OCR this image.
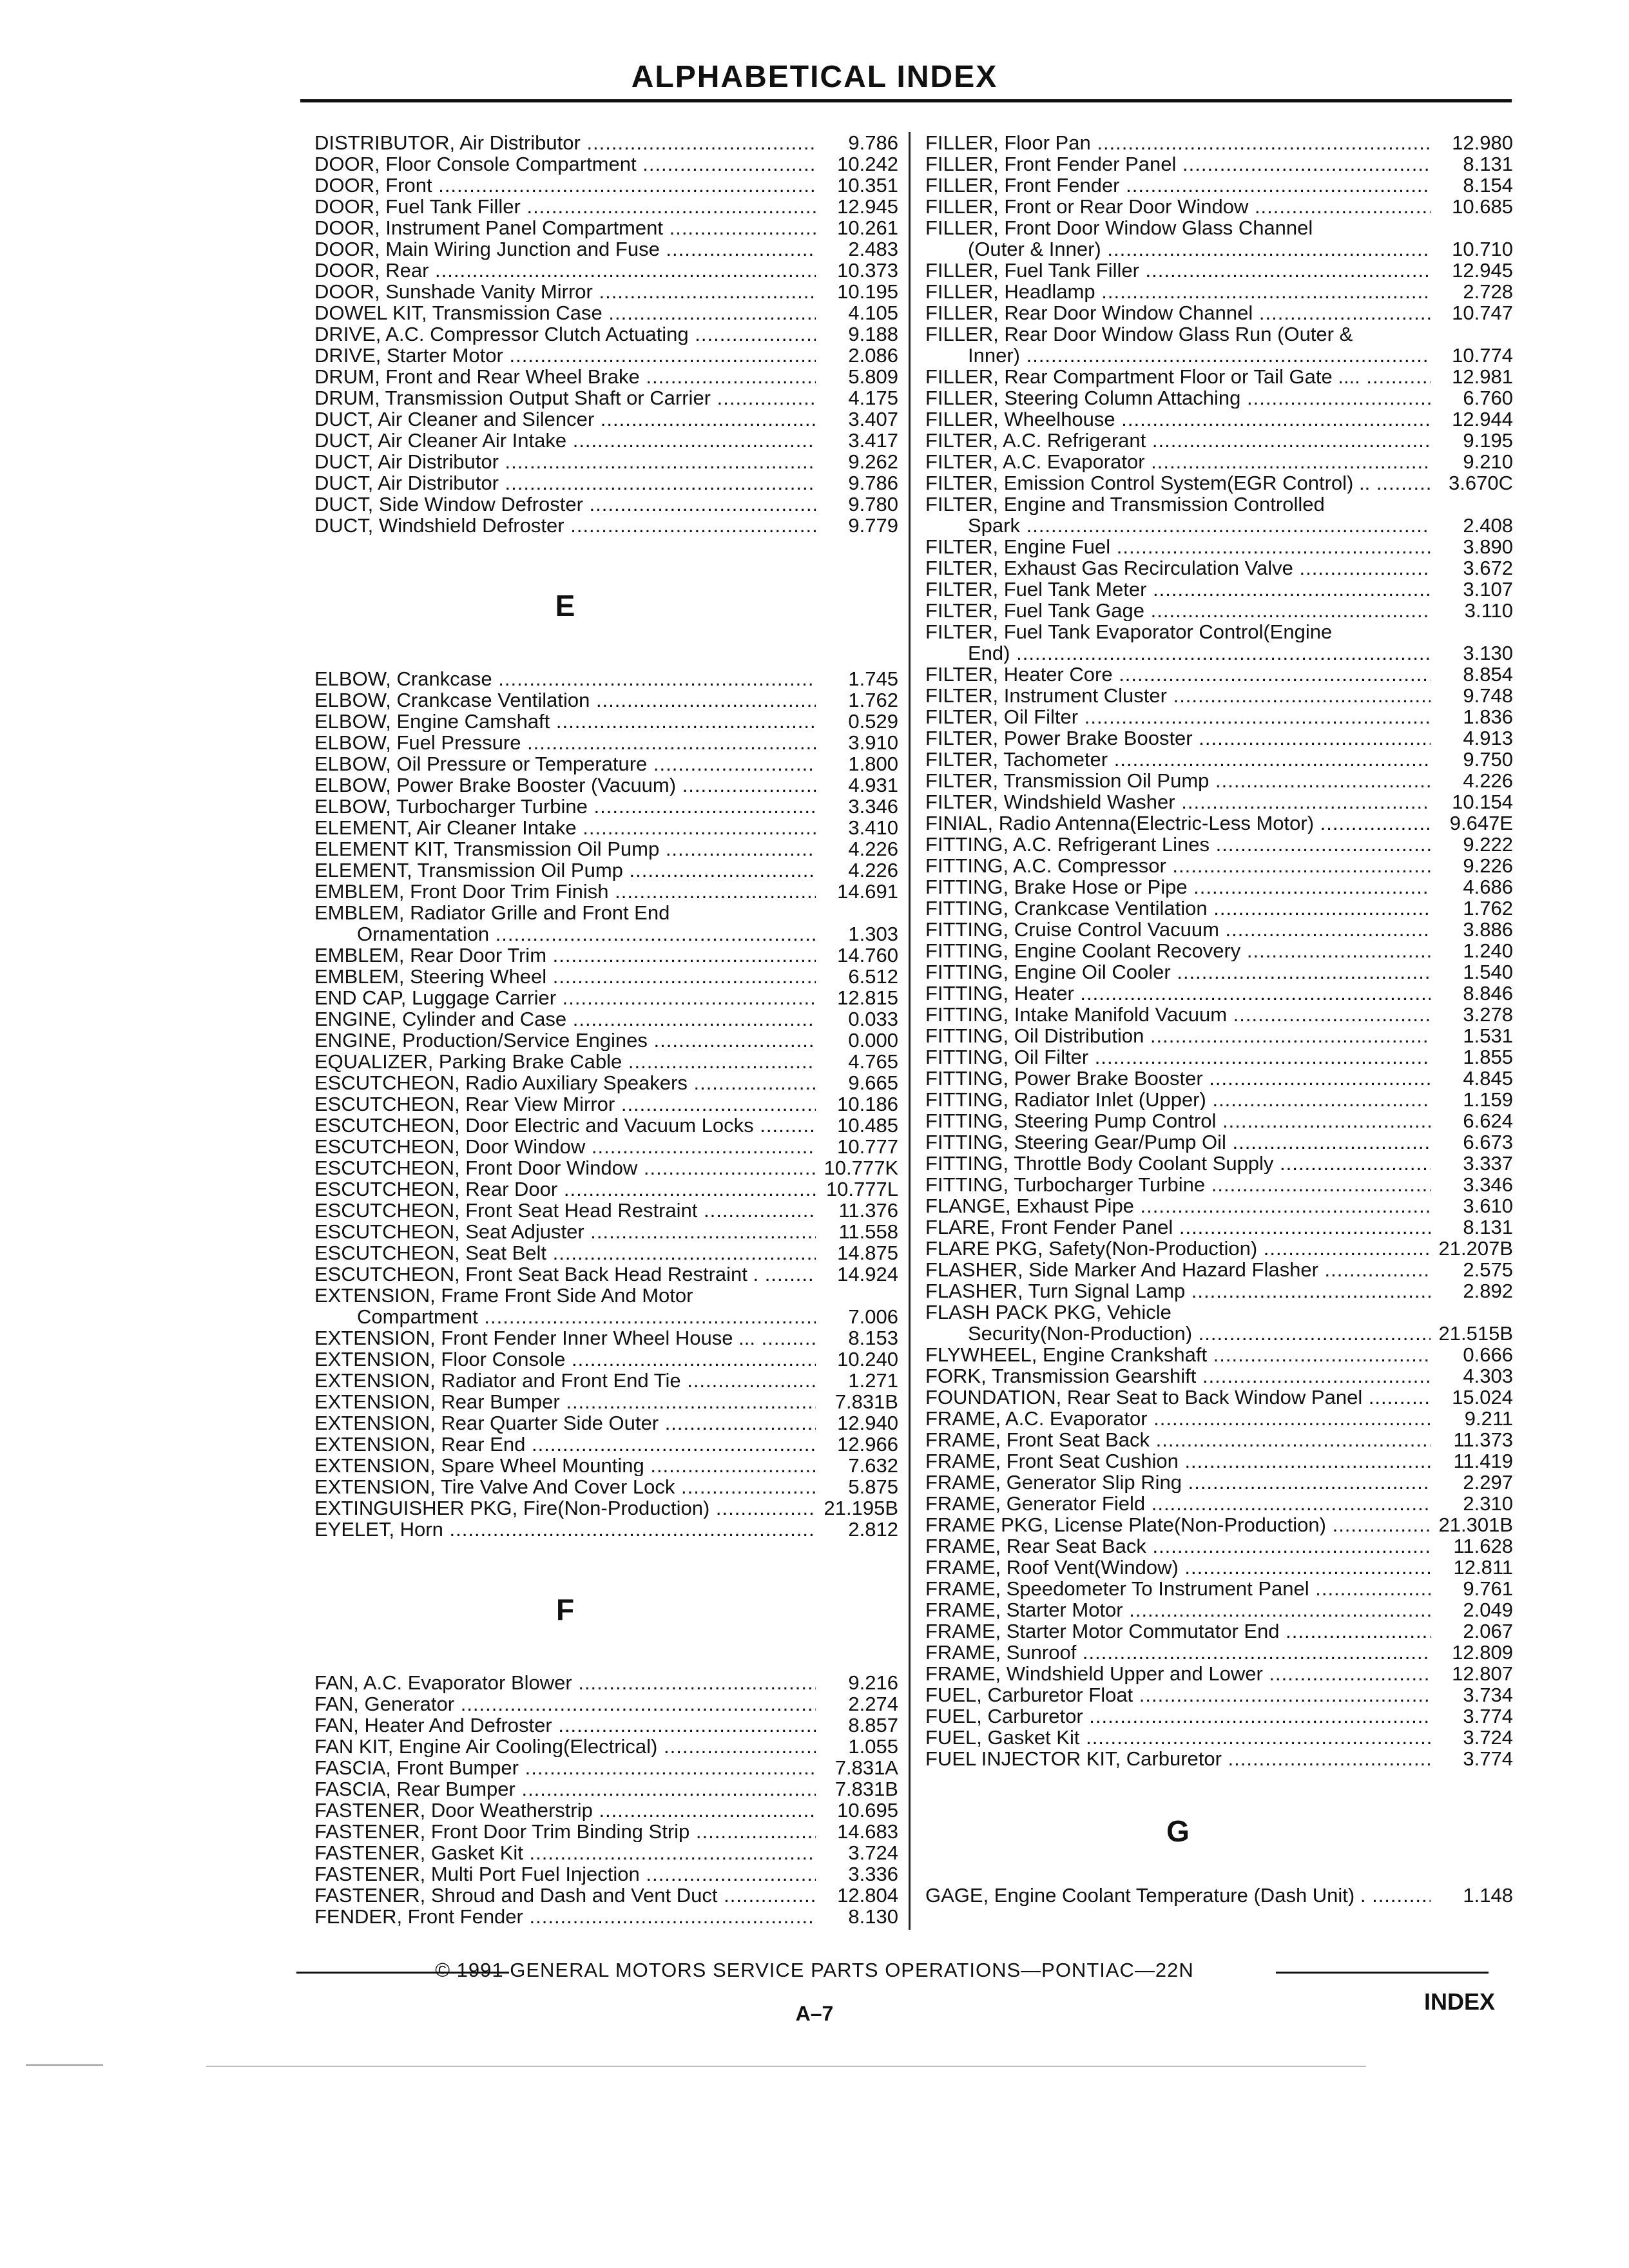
ALPHABETICAL INDEX
DISTRIBUTOR, Air Distributor .....	9.786
DOOR, Floor Console Compartment .....	10.242
DOOR, Front .....	10.351
DOOR, Fuel Tank Filler .....	12.945
DOOR, Instrument Panel Compartment .....	10.261
DOOR, Main Wiring Junction and Fuse .....	2.483
DOOR, Rear .....	10.373
DOOR, Sunshade Vanity Mirror .....	10.195
DOWEL KIT, Transmission Case .....	4.105
DRIVE, A.C. Compressor Clutch Actuating .....	9.188
DRIVE, Starter Motor .....	2.086
DRUM, Front and Rear Wheel Brake .....	5.809
DRUM, Transmission Output Shaft or Carrier .....	4.175
DUCT, Air Cleaner and Silencer .....	3.407
DUCT, Air Cleaner Air Intake .....	3.417
DUCT, Air Distributor .....	9.262
DUCT, Air Distributor .....	9.786
DUCT, Side Window Defroster .....	9.780
DUCT, Windshield Defroster .....	9.779
E
ELBOW, Crankcase .....	1.745
ELBOW, Crankcase Ventilation .....	1.762
ELBOW, Engine Camshaft .....	0.529
ELBOW, Fuel Pressure .....	3.910
ELBOW, Oil Pressure or Temperature .....	1.800
ELBOW, Power Brake Booster (Vacuum) .....	4.931
ELBOW, Turbocharger Turbine .....	3.346
ELEMENT, Air Cleaner Intake .....	3.410
ELEMENT KIT, Transmission Oil Pump .....	4.226
ELEMENT, Transmission Oil Pump .....	4.226
EMBLEM, Front Door Trim Finish .....	14.691
EMBLEM, Radiator Grille and Front End
Ornamentation .....	1.303
EMBLEM, Rear Door Trim .....	14.760
EMBLEM, Steering Wheel .....	6.512
END CAP, Luggage Carrier .....	12.815
ENGINE, Cylinder and Case .....	0.033
ENGINE, Production/Service Engines .....	0.000
EQUALIZER, Parking Brake Cable .....	4.765
ESCUTCHEON, Radio Auxiliary Speakers .....	9.665
ESCUTCHEON, Rear View Mirror .....	10.186
ESCUTCHEON, Door Electric and Vacuum Locks .....	10.485
ESCUTCHEON, Door Window .....	10.777
ESCUTCHEON, Front Door Window .....	10.777K
ESCUTCHEON, Rear Door .....	10.777L
ESCUTCHEON, Front Seat Head Restraint .....	11.376
ESCUTCHEON, Seat Adjuster .....	11.558
ESCUTCHEON, Seat Belt .....	14.875
ESCUTCHEON, Front Seat Back Head Restraint . .....	14.924
EXTENSION, Frame Front Side And Motor
Compartment .....	7.006
EXTENSION, Front Fender Inner Wheel House ... .....	8.153
EXTENSION, Floor Console .....	10.240
EXTENSION, Radiator and Front End Tie .....	1.271
EXTENSION, Rear Bumper .....	7.831B
EXTENSION, Rear Quarter Side Outer .....	12.940
EXTENSION, Rear End .....	12.966
EXTENSION, Spare Wheel Mounting .....	7.632
EXTENSION, Tire Valve And Cover Lock .....	5.875
EXTINGUISHER PKG, Fire(Non-Production) .....	21.195B
EYELET, Horn .....	2.812
F
FAN, A.C. Evaporator Blower .....	9.216
FAN, Generator .....	2.274
FAN, Heater And Defroster .....	8.857
FAN KIT, Engine Air Cooling(Electrical) .....	1.055
FASCIA, Front Bumper .....	7.831A
FASCIA, Rear Bumper .....	7.831B
FASTENER, Door Weatherstrip .....	10.695
FASTENER, Front Door Trim Binding Strip .....	14.683
FASTENER, Gasket Kit .....	3.724
FASTENER, Multi Port Fuel Injection .....	3.336
FASTENER, Shroud and Dash and Vent Duct .....	12.804
FENDER, Front Fender .....	8.130
FILLER, Floor Pan .....	12.980
FILLER, Front Fender Panel .....	8.131
FILLER, Front Fender .....	8.154
FILLER, Front or Rear Door Window .....	10.685
FILLER, Front Door Window Glass Channel
(Outer & Inner) .....	10.710
FILLER, Fuel Tank Filler .....	12.945
FILLER, Headlamp .....	2.728
FILLER, Rear Door Window Channel .....	10.747
FILLER, Rear Door Window Glass Run (Outer &
Inner) .....	10.774
FILLER, Rear Compartment Floor or Tail Gate .... .....	12.981
FILLER, Steering Column Attaching .....	6.760
FILLER, Wheelhouse .....	12.944
FILTER, A.C. Refrigerant .....	9.195
FILTER, A.C. Evaporator .....	9.210
FILTER, Emission Control System(EGR Control) .. .....	3.670C
FILTER, Engine and Transmission Controlled
Spark .....	2.408
FILTER, Engine Fuel .....	3.890
FILTER, Exhaust Gas Recirculation Valve .....	3.672
FILTER, Fuel Tank Meter .....	3.107
FILTER, Fuel Tank Gage .....	3.110
FILTER, Fuel Tank Evaporator Control(Engine
End) .....	3.130
FILTER, Heater Core .....	8.854
FILTER, Instrument Cluster .....	9.748
FILTER, Oil Filter .....	1.836
FILTER, Power Brake Booster .....	4.913
FILTER, Tachometer .....	9.750
FILTER, Transmission Oil Pump .....	4.226
FILTER, Windshield Washer .....	10.154
FINIAL, Radio Antenna(Electric-Less Motor) .....	9.647E
FITTING, A.C. Refrigerant Lines .....	9.222
FITTING, A.C. Compressor .....	9.226
FITTING, Brake Hose or Pipe .....	4.686
FITTING, Crankcase Ventilation .....	1.762
FITTING, Cruise Control Vacuum .....	3.886
FITTING, Engine Coolant Recovery .....	1.240
FITTING, Engine Oil Cooler .....	1.540
FITTING, Heater .....	8.846
FITTING, Intake Manifold Vacuum .....	3.278
FITTING, Oil Distribution .....	1.531
FITTING, Oil Filter .....	1.855
FITTING, Power Brake Booster .....	4.845
FITTING, Radiator Inlet (Upper) .....	1.159
FITTING, Steering Pump Control .....	6.624
FITTING, Steering Gear/Pump Oil .....	6.673
FITTING, Throttle Body Coolant Supply .....	3.337
FITTING, Turbocharger Turbine .....	3.346
FLANGE, Exhaust Pipe .....	3.610
FLARE, Front Fender Panel .....	8.131
FLARE PKG, Safety(Non-Production) .....	21.207B
FLASHER, Side Marker And Hazard Flasher .....	2.575
FLASHER, Turn Signal Lamp .....	2.892
FLASH PACK PKG, Vehicle
Security(Non-Production) .....	21.515B
FLYWHEEL, Engine Crankshaft .....	0.666
FORK, Transmission Gearshift .....	4.303
FOUNDATION, Rear Seat to Back Window Panel .....	15.024
FRAME, A.C. Evaporator .....	9.211
FRAME, Front Seat Back .....	11.373
FRAME, Front Seat Cushion .....	11.419
FRAME, Generator Slip Ring .....	2.297
FRAME, Generator Field .....	2.310
FRAME PKG, License Plate(Non-Production) .....	21.301B
FRAME, Rear Seat Back .....	11.628
FRAME, Roof Vent(Window) .....	12.811
FRAME, Speedometer To Instrument Panel .....	9.761
FRAME, Starter Motor .....	2.049
FRAME, Starter Motor Commutator End .....	2.067
FRAME, Sunroof .....	12.809
FRAME, Windshield Upper and Lower .....	12.807
FUEL, Carburetor Float .....	3.734
FUEL, Carburetor .....	3.774
FUEL, Gasket Kit .....	3.724
FUEL INJECTOR KIT, Carburetor .....	3.774
G
GAGE, Engine Coolant Temperature (Dash Unit) . .....	1.148
© 1991 GENERAL MOTORS SERVICE PARTS OPERATIONS—PONTIAC—22N
A–7	INDEX
